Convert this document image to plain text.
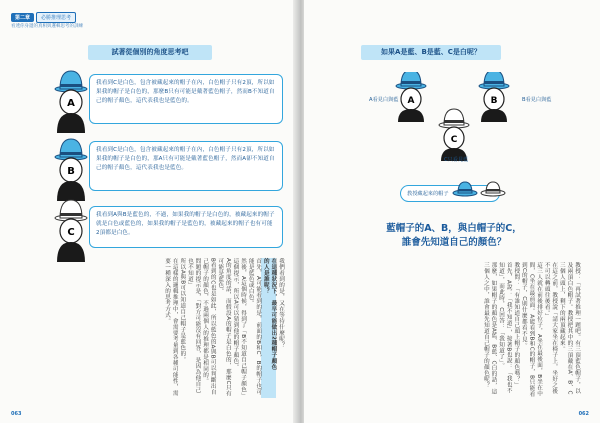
第二章	必勝推理思考
看透你身邊的真相與邏輯思考的訓練
試著從個別的角度思考吧
A
B
C

我看到C是白色，包含被藏起來的帽子在內，白色帽子只有2頂，所以如果我的帽子是白色的，那麼B只有可能是戴著藍色帽子，然而B不知道自己的帽子顏色，這代表我也是藍色的。

我看到C是白色，包含被藏起來的帽子在內，白色帽子只有2頂，所以如果我的帽子是白色的，那A只有可能是戴著藍色帽子，然而A卻不知道自己的帽子顏色，這代表我也是藍色。

我看到A與B是藍色的，不過，如果我的帽子是白色的，被藏起來的帽子就是白色或藍色的，如果我的帽子是藍色的，被藏起來的帽子也有可能2頂都是白色。

我們看到的是，又在等待什麼呢？
在這種狀況下，最早可能做出2種帽子顏色
的人是誰呢？
首先，A可能看到的是，前面的B和C，B的帽子也可能是藍色或白色。
然後，A這個時候，得到了「B不知道自己帽子顏色」這個提示，所以A可以猜到他的帽子顏色。
A的角度的話，而假設A的帽子是白色的，那麼C只有可能是藍色。
B看到的C也是如此，所以藍色的A與B可以判斷出自己帽子的顏色，不過兩個人的推理都是相同的。
問題的提示是，「對方可能沒有回答，是因為他自己也不知道」
所以A與B可以知道自己帽子是藍色的。
在這樣的邏輯推理中，會需要考量到各種可能性，需要一種深入的思考方式。
063
如果A是藍、B是藍、C是白呢？
A	B
C
A看見白與藍	B看見白與藍
C只看見藍
教授藏起來的帽子
藍帽子的A、B，與白帽子的C，
誰會先知道自己的顏色？
教授：「再試著推理一題吧。有三頂藍色帽子，以及兩頂白色帽子。教授把其中的三頂戴在A、B、C三個人頭上，剩下的兩頂藏起來。
在這之前，教授說「請大家坐在椅子上，坐好之後不可以轉頭往後看。」
這三人就在前後排好位子，A坐在最後面，B坐在中間，C坐在最前面。A能看到B和C的帽子，B只能看到C的帽子，C則什麼都看不見。
教授問：「有誰知道自己頭上帽子的顏色嗎？」
首先，A說：「我不知道」，接著B也說：「我也不知道」，而此時，C回答：「我知道了」。
那麼，如果帽子的顏色是A藍、B藍、C白的話，這三個人之中，誰會最先知道自己帽子的顏色呢？
062
